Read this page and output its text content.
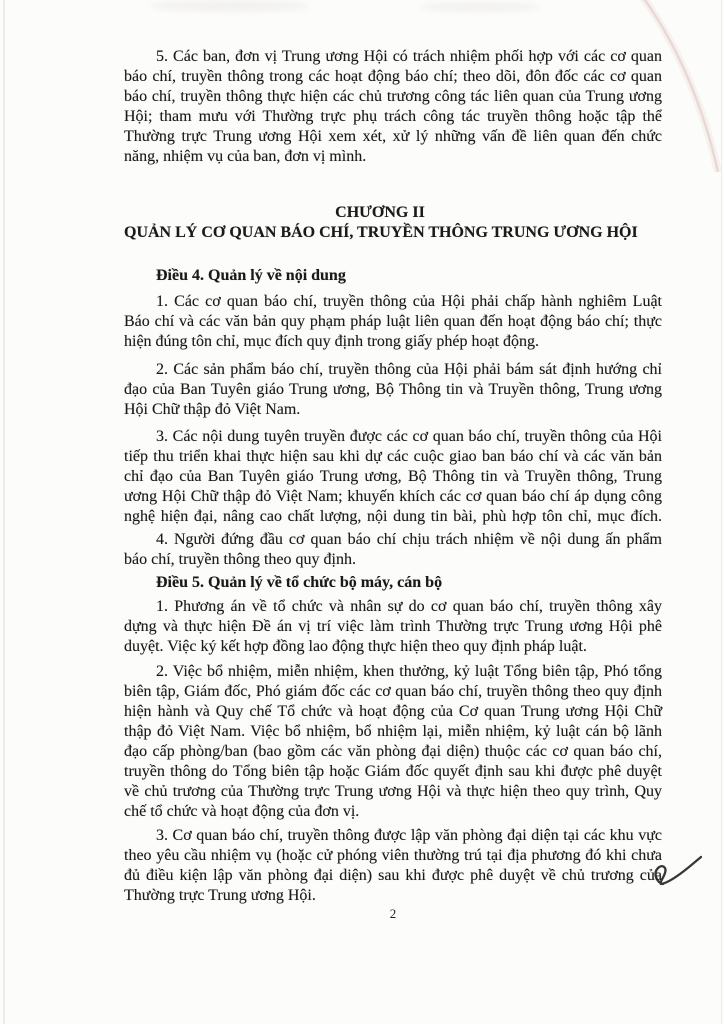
5. Các ban, đơn vị Trung ương Hội có trách nhiệm phối hợp với các cơ quan
báo chí, truyền thông trong các hoạt động báo chí; theo dõi, đôn đốc các cơ quan
báo chí, truyền thông thực hiện các chủ trương công tác liên quan của Trung ương
Hội; tham mưu với Thường trực phụ trách công tác truyền thông hoặc tập thể
Thường trực Trung ương Hội xem xét, xử lý những vấn đề liên quan đến chức
năng, nhiệm vụ của ban, đơn vị mình.
CHƯƠNG II
QUẢN LÝ CƠ QUAN BÁO CHÍ, TRUYỀN THÔNG TRUNG ƯƠNG HỘI

Điều 4. Quản lý về nội dung

1. Các cơ quan báo chí, truyền thông của Hội phải chấp hành nghiêm Luật
Báo chí và các văn bản quy phạm pháp luật liên quan đến hoạt động báo chí; thực
hiện đúng tôn chỉ, mục đích quy định trong giấy phép hoạt động.
2. Các sản phẩm báo chí, truyền thông của Hội phải bám sát định hướng chỉ
đạo của Ban Tuyên giáo Trung ương, Bộ Thông tin và Truyền thông, Trung ương
Hội Chữ thập đỏ Việt Nam.
3. Các nội dung tuyên truyền được các cơ quan báo chí, truyền thông của Hội
tiếp thu triển khai thực hiện sau khi dự các cuộc giao ban báo chí và các văn bản
chỉ đạo của Ban Tuyên giáo Trung ương, Bộ Thông tin và Truyền thông, Trung
ương Hội Chữ thập đỏ Việt Nam; khuyến khích các cơ quan báo chí áp dụng công
nghệ hiện đại, nâng cao chất lượng, nội dung tin bài, phù hợp tôn chỉ, mục đích.
4. Người đứng đầu cơ quan báo chí chịu trách nhiệm về nội dung ấn phẩm
báo chí, truyền thông theo quy định.

Điều 5. Quản lý về tổ chức bộ máy, cán bộ

1. Phương án về tổ chức và nhân sự do cơ quan báo chí, truyền thông xây
dựng và thực hiện Đề án vị trí việc làm trình Thường trực Trung ương Hội phê
duyệt. Việc ký kết hợp đồng lao động thực hiện theo quy định pháp luật.
2. Việc bổ nhiệm, miễn nhiệm, khen thưởng, kỷ luật Tổng biên tập, Phó tổng
biên tập, Giám đốc, Phó giám đốc các cơ quan báo chí, truyền thông theo quy định
hiện hành và Quy chế Tổ chức và hoạt động của Cơ quan Trung ương Hội Chữ
thập đỏ Việt Nam. Việc bổ nhiệm, bổ nhiệm lại, miễn nhiệm, kỷ luật cán bộ lãnh
đạo cấp phòng/ban (bao gồm các văn phòng đại diện) thuộc các cơ quan báo chí,
truyền thông do Tổng biên tập hoặc Giám đốc quyết định sau khi được phê duyệt
về chủ trương của Thường trực Trung ương Hội và thực hiện theo quy trình, Quy
chế tổ chức và hoạt động của đơn vị.
3. Cơ quan báo chí, truyền thông được lập văn phòng đại diện tại các khu vực
theo yêu cầu nhiệm vụ (hoặc cử phóng viên thường trú tại địa phương đó khi chưa
đủ điều kiện lập văn phòng đại diện) sau khi được phê duyệt về chủ trương của
Thường trực Trung ương Hội.
2
